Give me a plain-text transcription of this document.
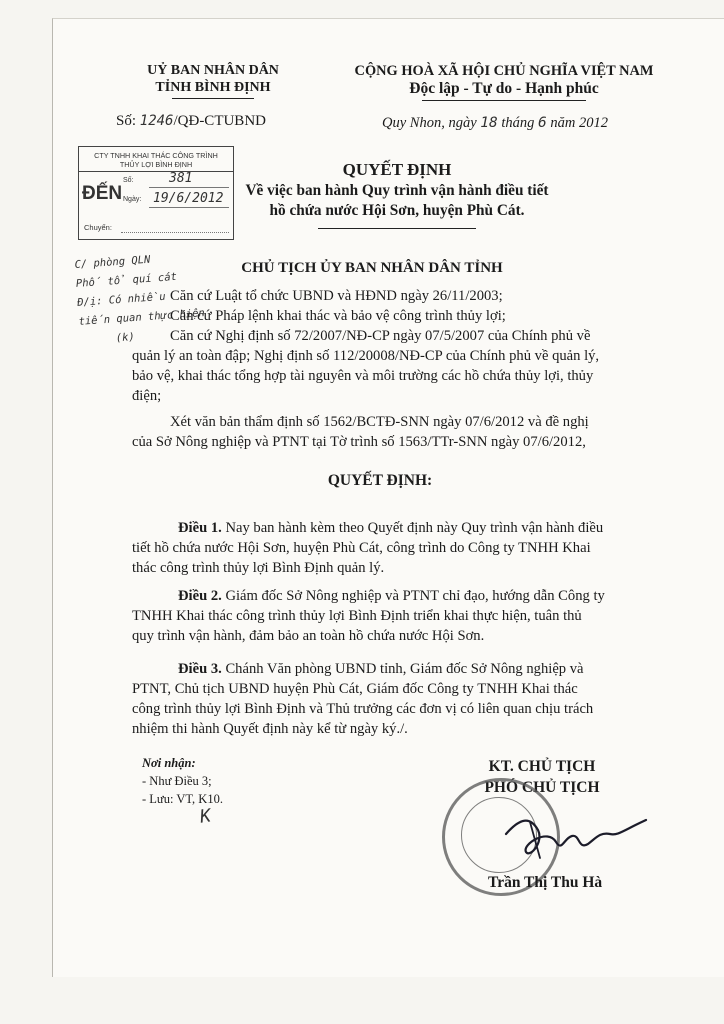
UỶ BAN NHÂN DÂN
TỈNH BÌNH ĐỊNH
Số: 1246/QĐ-CTUBND
CỘNG HOÀ XÃ HỘI CHỦ NGHĨA VIỆT NAM
Độc lập - Tự do - Hạnh phúc
Quy Nhon, ngày 18 tháng 6 năm 2012
CTY TNHH KHAI THÁC CÔNG TRÌNH
THỦY LỢI BÌNH ĐỊNH
ĐẾN
Số:	381
Ngày: 19/6/2012
Chuyển:
C/ phòng QLN
Phố tổ quí cát
Đ/ị: Có nhiều
tiến quan thực hiện
(k)
QUYẾT ĐỊNH
Về việc ban hành Quy trình vận hành điều tiết
hồ chứa nước Hội Sơn, huyện Phù Cát.
CHỦ TỊCH ỦY BAN NHÂN DÂN TỈNH
Căn cứ Luật tổ chức UBND và HĐND ngày 26/11/2003;
Căn cứ Pháp lệnh khai thác và bảo vệ công trình thủy lợi;
Căn cứ Nghị định số 72/2007/NĐ-CP ngày 07/5/2007 của Chính phủ về
quản lý an toàn đập; Nghị định số 112/20008/NĐ-CP của Chính phủ về quản lý,
bảo vệ, khai thác tổng hợp tài nguyên và môi trường các hồ chứa thủy lợi, thủy
điện;
Xét văn bản thẩm định số 1562/BCTĐ-SNN ngày 07/6/2012 và đề nghị
của Sở Nông nghiệp và PTNT tại Tờ trình số 1563/TTr-SNN ngày 07/6/2012,
QUYẾT ĐỊNH:
Điều 1. Nay ban hành kèm theo Quyết định này Quy trình vận hành điều
tiết hồ chứa nước Hội Sơn, huyện Phù Cát, công trình do Công ty TNHH Khai
thác công trình thủy lợi Bình Định quản lý.
Điều 2. Giám đốc Sở Nông nghiệp và PTNT chỉ đạo, hướng dẫn Công ty
TNHH Khai thác công trình thủy lợi Bình Định triển khai thực hiện, tuân thủ
quy trình vận hành, đảm bảo an toàn hồ chứa nước Hội Sơn.
Điều 3. Chánh Văn phòng UBND tỉnh, Giám đốc Sở Nông nghiệp và
PTNT, Chủ tịch UBND huyện Phù Cát, Giám đốc Công ty TNHH Khai thác
công trình thủy lợi Bình Định và Thủ trưởng các đơn vị có liên quan chịu trách
nhiệm thi hành Quyết định này kể từ ngày ký./.
Nơi nhận:
- Như Điều 3;
- Lưu: VT, K10.
K
KT. CHỦ TỊCH
PHÓ CHỦ TỊCH
Trần Thị Thu Hà
